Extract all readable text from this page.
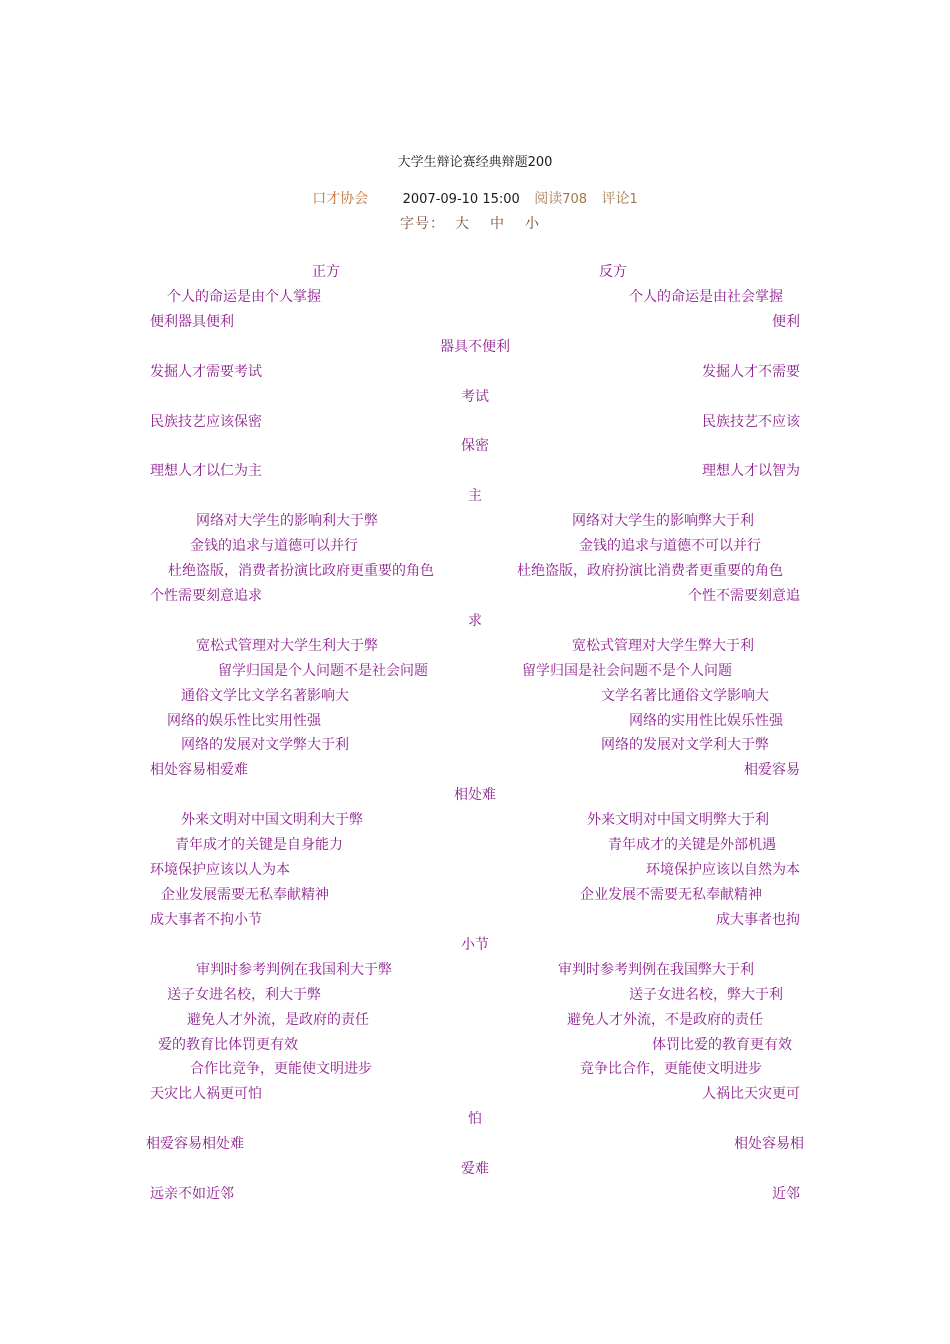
大学生辩论赛经典辩题200
口才协会	2007-09-10 15:00 阅读708 评论1
字号： 大 中 小
正方	反方
个人的命运是由个人掌握	个人的命运是由社会掌握
便利器具便利	便利
器具不便利
发掘人才需要考试	发掘人才不需要
考试
民族技艺应该保密	民族技艺不应该
保密
理想人才以仁为主	理想人才以智为
主
网络对大学生的影响利大于弊	网络对大学生的影响弊大于利
金钱的追求与道德可以并行	金钱的追求与道德不可以并行
杜绝盗版，消费者扮演比政府更重要的角色	杜绝盗版，政府扮演比消费者更重要的角色
个性需要刻意追求	个性不需要刻意追
求
宽松式管理对大学生利大于弊	宽松式管理对大学生弊大于利
留学归国是个人问题不是社会问题	留学归国是社会问题不是个人问题
通俗文学比文学名著影响大	文学名著比通俗文学影响大
网络的娱乐性比实用性强	网络的实用性比娱乐性强
网络的发展对文学弊大于利	网络的发展对文学利大于弊
相处容易相爱难	相爱容易
相处难
外来文明对中国文明利大于弊	外来文明对中国文明弊大于利
青年成才的关键是自身能力	青年成才的关键是外部机遇
环境保护应该以人为本	环境保护应该以自然为本
企业发展需要无私奉献精神	企业发展不需要无私奉献精神
成大事者不拘小节	成大事者也拘
小节
审判时参考判例在我国利大于弊	审判时参考判例在我国弊大于利
送子女进名校，利大于弊	送子女进名校，弊大于利
避免人才外流，是政府的责任	避免人才外流，不是政府的责任
爱的教育比体罚更有效	体罚比爱的教育更有效
合作比竞争，更能使文明进步	竞争比合作，更能使文明进步
天灾比人祸更可怕	人祸比天灾更可
怕
相爱容易相处难	相处容易相
爱难
远亲不如近邻	近邻
